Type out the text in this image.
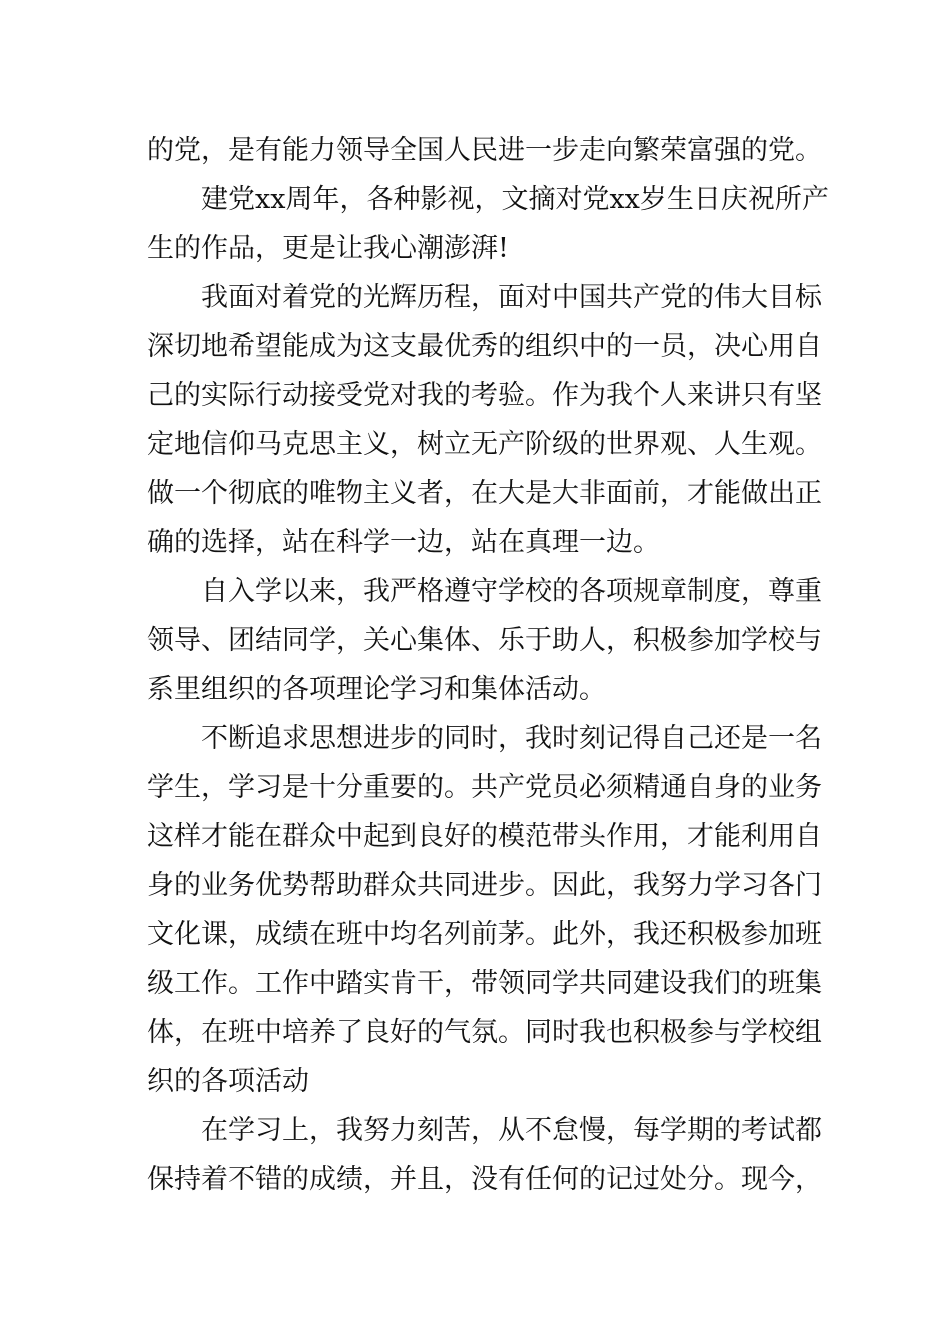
的党，是有能力领导全国人民进一步走向繁荣富强的党。

建党xx周年，各种影视，文摘对党xx岁生日庆祝所产

生的作品，更是让我心潮澎湃!

我面对着党的光辉历程，面对中国共产党的伟大目标

深切地希望能成为这支最优秀的组织中的一员，决心用自

己的实际行动接受党对我的考验。作为我个人来讲只有坚

定地信仰马克思主义，树立无产阶级的世界观、人生观。

做一个彻底的唯物主义者，在大是大非面前，才能做出正

确的选择，站在科学一边，站在真理一边。

自入学以来，我严格遵守学校的各项规章制度，尊重

领导、团结同学，关心集体、乐于助人，积极参加学校与

系里组织的各项理论学习和集体活动。

不断追求思想进步的同时，我时刻记得自己还是一名

学生，学习是十分重要的。共产党员必须精通自身的业务

这样才能在群众中起到良好的模范带头作用，才能利用自

身的业务优势帮助群众共同进步。因此，我努力学习各门

文化课，成绩在班中均名列前茅。此外，我还积极参加班

级工作。工作中踏实肯干，带领同学共同建设我们的班集

体，在班中培养了良好的气氛。同时我也积极参与学校组

织的各项活动

在学习上，我努力刻苦，从不怠慢，每学期的考试都

保持着不错的成绩，并且，没有任何的记过处分。现今，
